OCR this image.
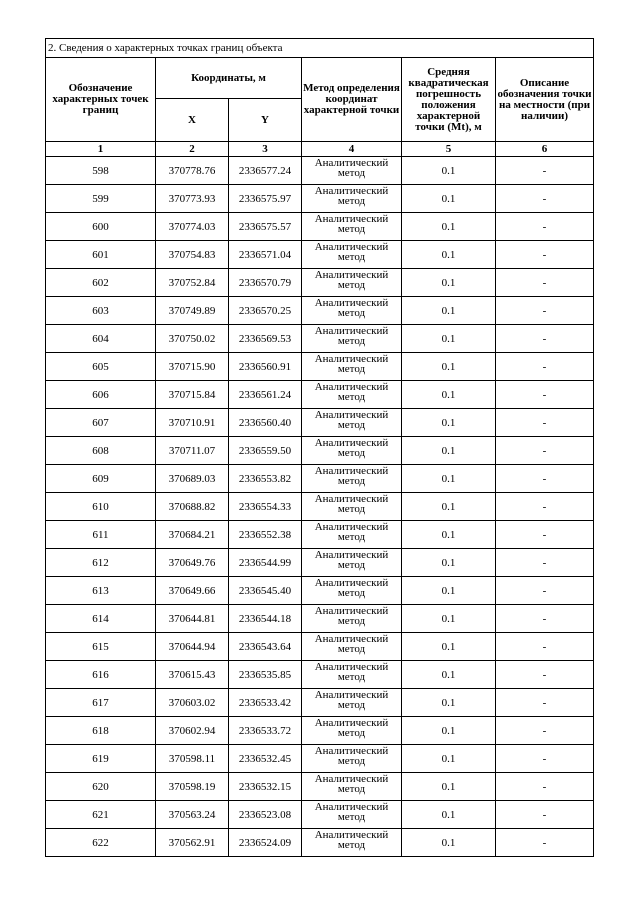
2. Сведения о характерных точках границ объекта					
Обозначение характерных точек границ	Координаты, м		Метод определения координат характерной точки	Средняя квадратическая погрешность положения характерной точки (Mt), м	Описание обозначения точки на местности (при наличии)
	X	Y			
1	2	3	4	5	6
598	370778.76	2336577.24	Аналитический метод	0.1	-
599	370773.93	2336575.97	Аналитический метод	0.1	-
600	370774.03	2336575.57	Аналитический метод	0.1	-
601	370754.83	2336571.04	Аналитический метод	0.1	-
602	370752.84	2336570.79	Аналитический метод	0.1	-
603	370749.89	2336570.25	Аналитический метод	0.1	-
604	370750.02	2336569.53	Аналитический метод	0.1	-
605	370715.90	2336560.91	Аналитический метод	0.1	-
606	370715.84	2336561.24	Аналитический метод	0.1	-
607	370710.91	2336560.40	Аналитический метод	0.1	-
608	370711.07	2336559.50	Аналитический метод	0.1	-
609	370689.03	2336553.82	Аналитический метод	0.1	-
610	370688.82	2336554.33	Аналитический метод	0.1	-
611	370684.21	2336552.38	Аналитический метод	0.1	-
612	370649.76	2336544.99	Аналитический метод	0.1	-
613	370649.66	2336545.40	Аналитический метод	0.1	-
614	370644.81	2336544.18	Аналитический метод	0.1	-
615	370644.94	2336543.64	Аналитический метод	0.1	-
616	370615.43	2336535.85	Аналитический метод	0.1	-
617	370603.02	2336533.42	Аналитический метод	0.1	-
618	370602.94	2336533.72	Аналитический метод	0.1	-
619	370598.11	2336532.45	Аналитический метод	0.1	-
620	370598.19	2336532.15	Аналитический метод	0.1	-
621	370563.24	2336523.08	Аналитический метод	0.1	-
622	370562.91	2336524.09	Аналитический метод	0.1	-
